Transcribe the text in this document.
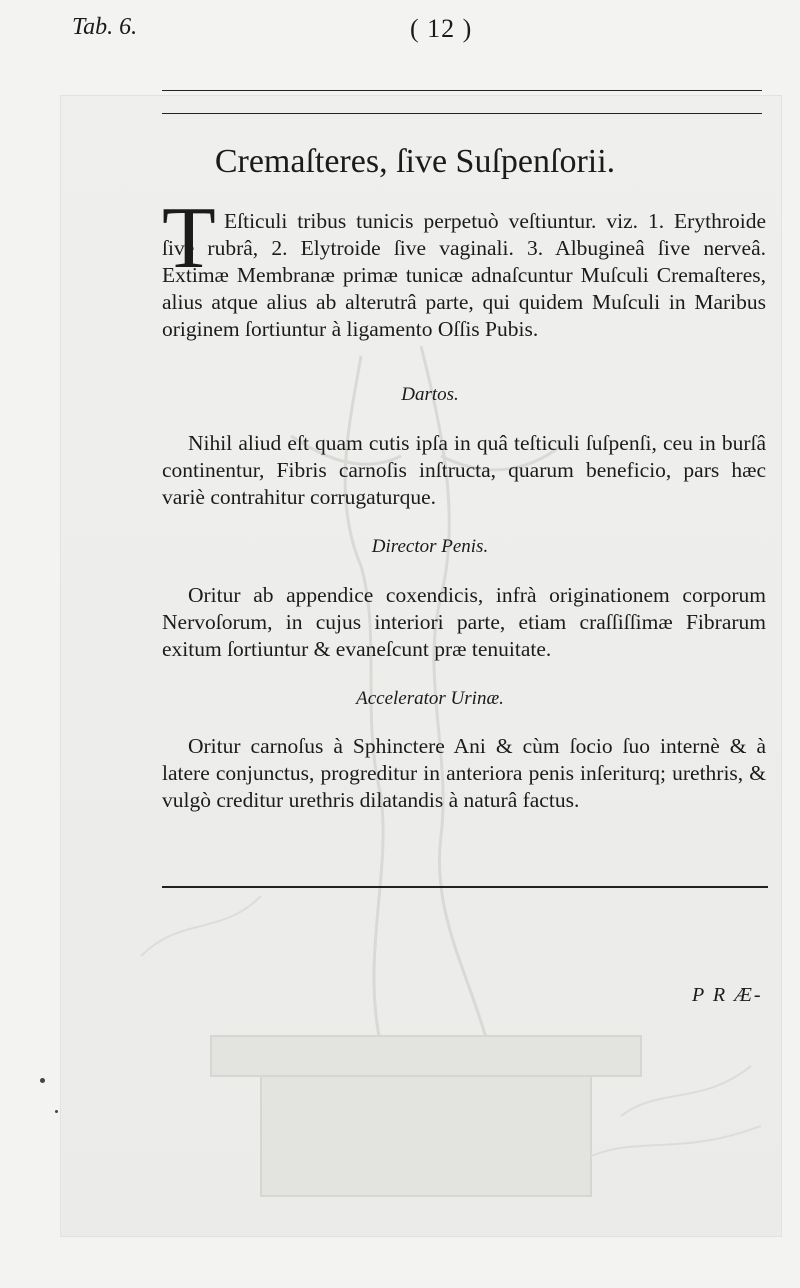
Tab. 6.	( 12 )
Cremaſteres, ſive Suſpenſorii.
T Eſticuli tribus tunicis perpetuò veſtiuntur. viz. 1. Erythroide ſive rubrâ, 2. Elytroide ſive vaginali. 3. Albugineâ ſive nerveâ. Extimæ Membranæ primæ tunicæ adnaſcuntur Muſculi Cremaſteres, alius atque alius ab alterutrâ parte, qui quidem Muſculi in Maribus originem ſortiuntur à ligamento Oſſis Pubis.
Dartos.
Nihil aliud eſt quam cutis ipſa in quâ teſticuli ſuſpenſi, ceu in burſâ continentur, Fibris carnoſis inſtructa, quarum beneficio, pars hæc variè contrahitur corrugaturque.
Director Penis.
Oritur ab appendice coxendicis, infrà originationem corporum Nervoſorum, in cujus interiori parte, etiam craſſiſſimæ Fibrarum exitum ſortiuntur & evaneſcunt præ tenuitate.
Accelerator Urinæ.
Oritur carnoſus à Sphinctere Ani & cùm ſocio ſuo internè & à latere conjunctus, progreditur in anteriora penis inſeriturq; urethris, & vulgò creditur urethris dilatandis à naturâ factus.
P R Æ-
